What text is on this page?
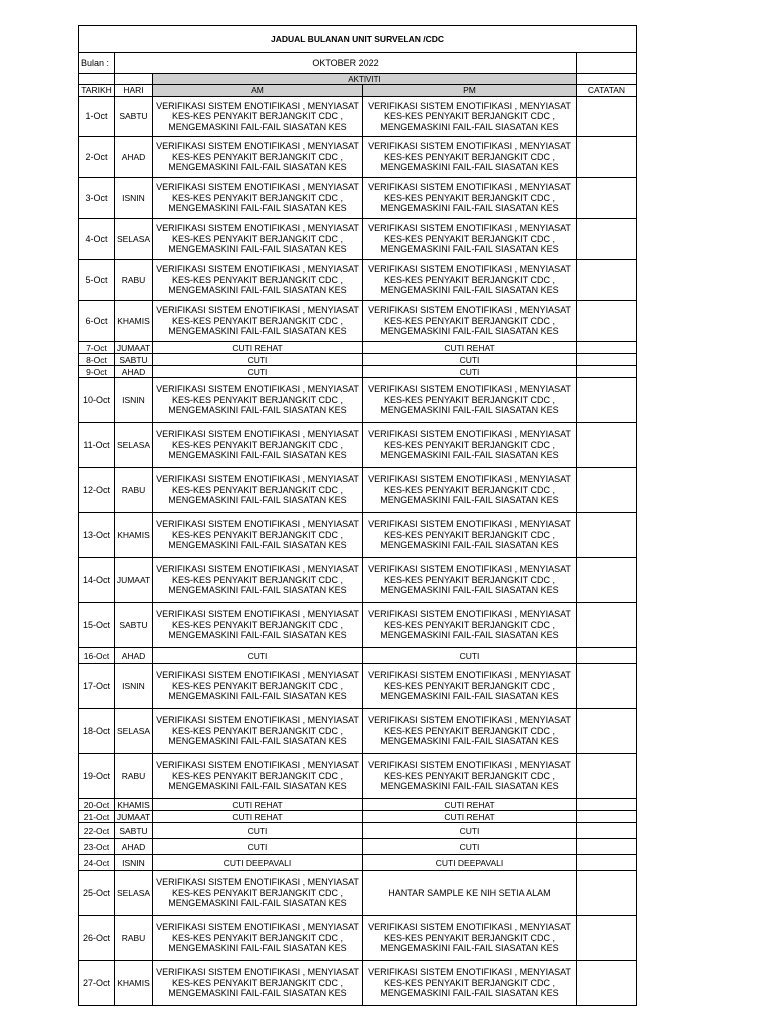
JADUAL BULANAN UNIT SURVELAN /CDC				
Bulan :	OKTOBER 2022			
		AKTIVITI		
TARIKH	HARI	AM	PM	CATATAN
1-Oct	SABTU	VERIFIKASI SISTEM ENOTIFIKASI , MENYIASAT KES-KES PENYAKIT BERJANGKIT CDC , MENGEMASKINI FAIL-FAIL SIASATAN KES	VERIFIKASI SISTEM ENOTIFIKASI , MENYIASAT KES-KES PENYAKIT BERJANGKIT CDC , MENGEMASKINI FAIL-FAIL SIASATAN KES	
2-Oct	AHAD	VERIFIKASI SISTEM ENOTIFIKASI , MENYIASAT KES-KES PENYAKIT BERJANGKIT CDC , MENGEMASKINI FAIL-FAIL SIASATAN KES	VERIFIKASI SISTEM ENOTIFIKASI , MENYIASAT KES-KES PENYAKIT BERJANGKIT CDC , MENGEMASKINI FAIL-FAIL SIASATAN KES	
3-Oct	ISNIN	VERIFIKASI SISTEM ENOTIFIKASI , MENYIASAT KES-KES PENYAKIT BERJANGKIT CDC , MENGEMASKINI FAIL-FAIL SIASATAN KES	VERIFIKASI SISTEM ENOTIFIKASI , MENYIASAT KES-KES PENYAKIT BERJANGKIT CDC , MENGEMASKINI FAIL-FAIL SIASATAN KES	
4-Oct	SELASA	VERIFIKASI SISTEM ENOTIFIKASI , MENYIASAT KES-KES PENYAKIT BERJANGKIT CDC , MENGEMASKINI FAIL-FAIL SIASATAN KES	VERIFIKASI SISTEM ENOTIFIKASI , MENYIASAT KES-KES PENYAKIT BERJANGKIT CDC , MENGEMASKINI FAIL-FAIL SIASATAN KES	
5-Oct	RABU	VERIFIKASI SISTEM ENOTIFIKASI , MENYIASAT KES-KES PENYAKIT BERJANGKIT CDC , MENGEMASKINI FAIL-FAIL SIASATAN KES	VERIFIKASI SISTEM ENOTIFIKASI , MENYIASAT KES-KES PENYAKIT BERJANGKIT CDC , MENGEMASKINI FAIL-FAIL SIASATAN KES	
6-Oct	KHAMIS	VERIFIKASI SISTEM ENOTIFIKASI , MENYIASAT KES-KES PENYAKIT BERJANGKIT CDC , MENGEMASKINI FAIL-FAIL SIASATAN KES	VERIFIKASI SISTEM ENOTIFIKASI , MENYIASAT KES-KES PENYAKIT BERJANGKIT CDC , MENGEMASKINI FAIL-FAIL SIASATAN KES	
7-Oct	JUMAAT	CUTI REHAT	CUTI REHAT	
8-Oct	SABTU	CUTI	CUTI	
9-Oct	AHAD	CUTI	CUTI	
10-Oct	ISNIN	VERIFIKASI SISTEM ENOTIFIKASI , MENYIASAT KES-KES PENYAKIT BERJANGKIT CDC , MENGEMASKINI FAIL-FAIL SIASATAN KES	VERIFIKASI SISTEM ENOTIFIKASI , MENYIASAT KES-KES PENYAKIT BERJANGKIT CDC , MENGEMASKINI FAIL-FAIL SIASATAN KES	
11-Oct	SELASA	VERIFIKASI SISTEM ENOTIFIKASI , MENYIASAT KES-KES PENYAKIT BERJANGKIT CDC , MENGEMASKINI FAIL-FAIL SIASATAN KES	VERIFIKASI SISTEM ENOTIFIKASI , MENYIASAT KES-KES PENYAKIT BERJANGKIT CDC , MENGEMASKINI FAIL-FAIL SIASATAN KES	
12-Oct	RABU	VERIFIKASI SISTEM ENOTIFIKASI , MENYIASAT KES-KES PENYAKIT BERJANGKIT CDC , MENGEMASKINI FAIL-FAIL SIASATAN KES	VERIFIKASI SISTEM ENOTIFIKASI , MENYIASAT KES-KES PENYAKIT BERJANGKIT CDC , MENGEMASKINI FAIL-FAIL SIASATAN KES	
13-Oct	KHAMIS	VERIFIKASI SISTEM ENOTIFIKASI , MENYIASAT KES-KES PENYAKIT BERJANGKIT CDC , MENGEMASKINI FAIL-FAIL SIASATAN KES	VERIFIKASI SISTEM ENOTIFIKASI , MENYIASAT KES-KES PENYAKIT BERJANGKIT CDC , MENGEMASKINI FAIL-FAIL SIASATAN KES	
14-Oct	JUMAAT	VERIFIKASI SISTEM ENOTIFIKASI , MENYIASAT KES-KES PENYAKIT BERJANGKIT CDC , MENGEMASKINI FAIL-FAIL SIASATAN KES	VERIFIKASI SISTEM ENOTIFIKASI , MENYIASAT KES-KES PENYAKIT BERJANGKIT CDC , MENGEMASKINI FAIL-FAIL SIASATAN KES	
15-Oct	SABTU	VERIFIKASI SISTEM ENOTIFIKASI , MENYIASAT KES-KES PENYAKIT BERJANGKIT CDC , MENGEMASKINI FAIL-FAIL SIASATAN KES	VERIFIKASI SISTEM ENOTIFIKASI , MENYIASAT KES-KES PENYAKIT BERJANGKIT CDC , MENGEMASKINI FAIL-FAIL SIASATAN KES	
16-Oct	AHAD	CUTI	CUTI	
17-Oct	ISNIN	VERIFIKASI SISTEM ENOTIFIKASI , MENYIASAT KES-KES PENYAKIT BERJANGKIT CDC , MENGEMASKINI FAIL-FAIL SIASATAN KES	VERIFIKASI SISTEM ENOTIFIKASI , MENYIASAT KES-KES PENYAKIT BERJANGKIT CDC , MENGEMASKINI FAIL-FAIL SIASATAN KES	
18-Oct	SELASA	VERIFIKASI SISTEM ENOTIFIKASI , MENYIASAT KES-KES PENYAKIT BERJANGKIT CDC , MENGEMASKINI FAIL-FAIL SIASATAN KES	VERIFIKASI SISTEM ENOTIFIKASI , MENYIASAT KES-KES PENYAKIT BERJANGKIT CDC , MENGEMASKINI FAIL-FAIL SIASATAN KES	
19-Oct	RABU	VERIFIKASI SISTEM ENOTIFIKASI , MENYIASAT KES-KES PENYAKIT BERJANGKIT CDC , MENGEMASKINI FAIL-FAIL SIASATAN KES	VERIFIKASI SISTEM ENOTIFIKASI , MENYIASAT KES-KES PENYAKIT BERJANGKIT CDC , MENGEMASKINI FAIL-FAIL SIASATAN KES	
20-Oct	KHAMIS	CUTI REHAT	CUTI REHAT	
21-Oct	JUMAAT	CUTI REHAT	CUTI REHAT	
22-Oct	SABTU	CUTI	CUTI	
23-Oct	AHAD	CUTI	CUTI	
24-Oct	ISNIN	CUTI DEEPAVALI	CUTI DEEPAVALI	
25-Oct	SELASA	VERIFIKASI SISTEM ENOTIFIKASI , MENYIASAT KES-KES PENYAKIT BERJANGKIT CDC , MENGEMASKINI FAIL-FAIL SIASATAN KES	HANTAR SAMPLE KE NIH SETIA ALAM	
26-Oct	RABU	VERIFIKASI SISTEM ENOTIFIKASI , MENYIASAT KES-KES PENYAKIT BERJANGKIT CDC , MENGEMASKINI FAIL-FAIL SIASATAN KES	VERIFIKASI SISTEM ENOTIFIKASI , MENYIASAT KES-KES PENYAKIT BERJANGKIT CDC , MENGEMASKINI FAIL-FAIL SIASATAN KES	
27-Oct	KHAMIS	VERIFIKASI SISTEM ENOTIFIKASI , MENYIASAT KES-KES PENYAKIT BERJANGKIT CDC , MENGEMASKINI FAIL-FAIL SIASATAN KES	VERIFIKASI SISTEM ENOTIFIKASI , MENYIASAT KES-KES PENYAKIT BERJANGKIT CDC , MENGEMASKINI FAIL-FAIL SIASATAN KES	
